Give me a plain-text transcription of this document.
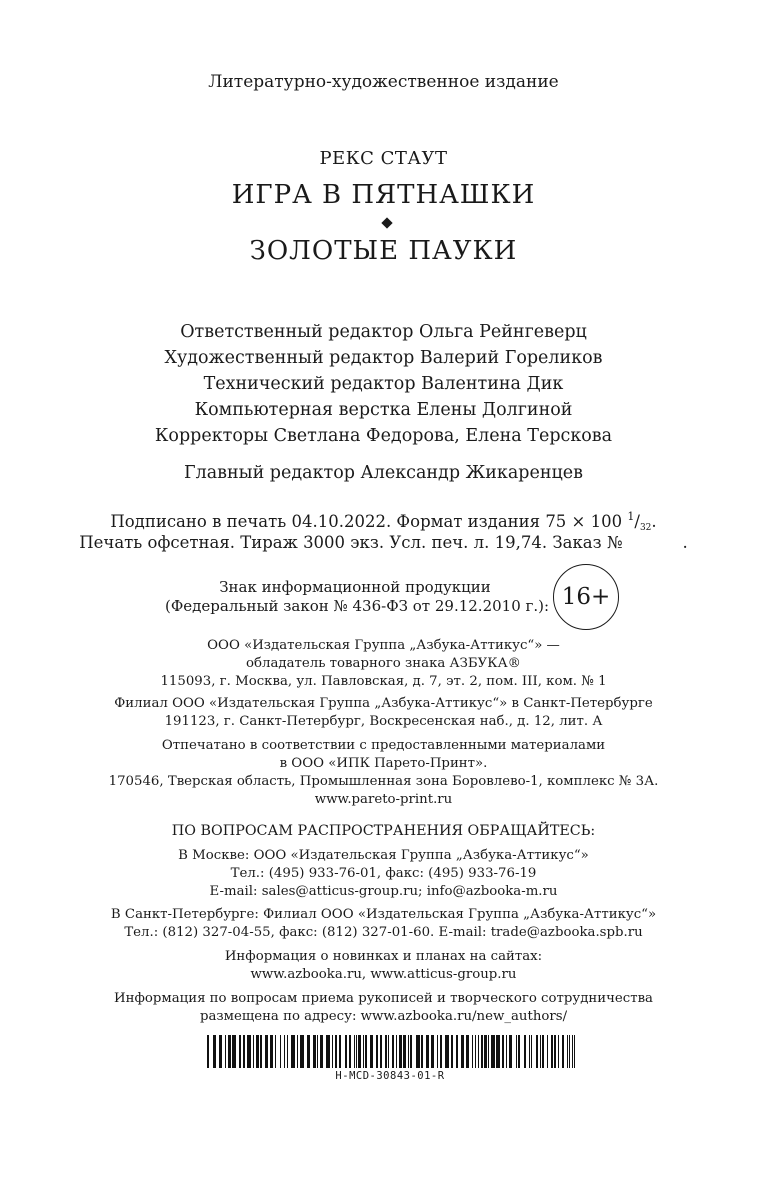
Литературно-художественное издание
РЕКС СТАУТ
ИГРА В ПЯТНАШКИ
ЗОЛОТЫЕ ПАУКИ
Ответственный редактор Ольга Рейнгеверц
Художественный редактор Валерий Гореликов
Технический редактор Валентина Дик
Компьютерная верстка Елены Долгиной
Корректоры Светлана Федорова, Елена Терскова
Главный редактор Александр Жикаренцев
Подписано в печать 04.10.2022. Формат издания 75 × 100 $^1/_{32}$.
Печать офсетная. Тираж 3000 экз. Усл. печ. л. 19,74. Заказ №	.
Знак информационной продукции
(Федеральный закон № 436-ФЗ от 29.12.2010 г.): 16+
ООО «Издательская Группа „Азбука-Аттикус“» —
обладатель товарного знака АЗБУКА®
115093, г. Москва, ул. Павловская, д. 7, эт. 2, пом. III, ком. № 1
Филиал ООО «Издательская Группа „Азбука-Аттикус“» в Санкт-Петербурге
191123, г. Санкт-Петербург, Воскресенская наб., д. 12, лит. А
Отпечатано в соответствии с предоставленными материалами
в ООО «ИПК Парето-Принт».
170546, Тверская область, Промышленная зона Боровлево-1, комплекс № 3А.
www.pareto-print.ru
ПО ВОПРОСАМ РАСПРОСТРАНЕНИЯ ОБРАЩАЙТЕСЬ:
В Москве: ООО «Издательская Группа „Азбука-Аттикус“»
Тел.: (495) 933-76-01, факс: (495) 933-76-19
E-mail: sales@atticus-group.ru; info@azbooka-m.ru
В Санкт-Петербурге: Филиал ООО «Издательская Группа „Азбука-Аттикус“»
Тел.: (812) 327-04-55, факс: (812) 327-01-60. E-mail: trade@azbooka.spb.ru
Информация о новинках и планах на сайтах:
www.azbooka.ru, www.atticus-group.ru
Информация по вопросам приема рукописей и творческого сотрудничества
размещена по адресу: www.azbooka.ru/new_authors/
H-MCD-30843-01-R
